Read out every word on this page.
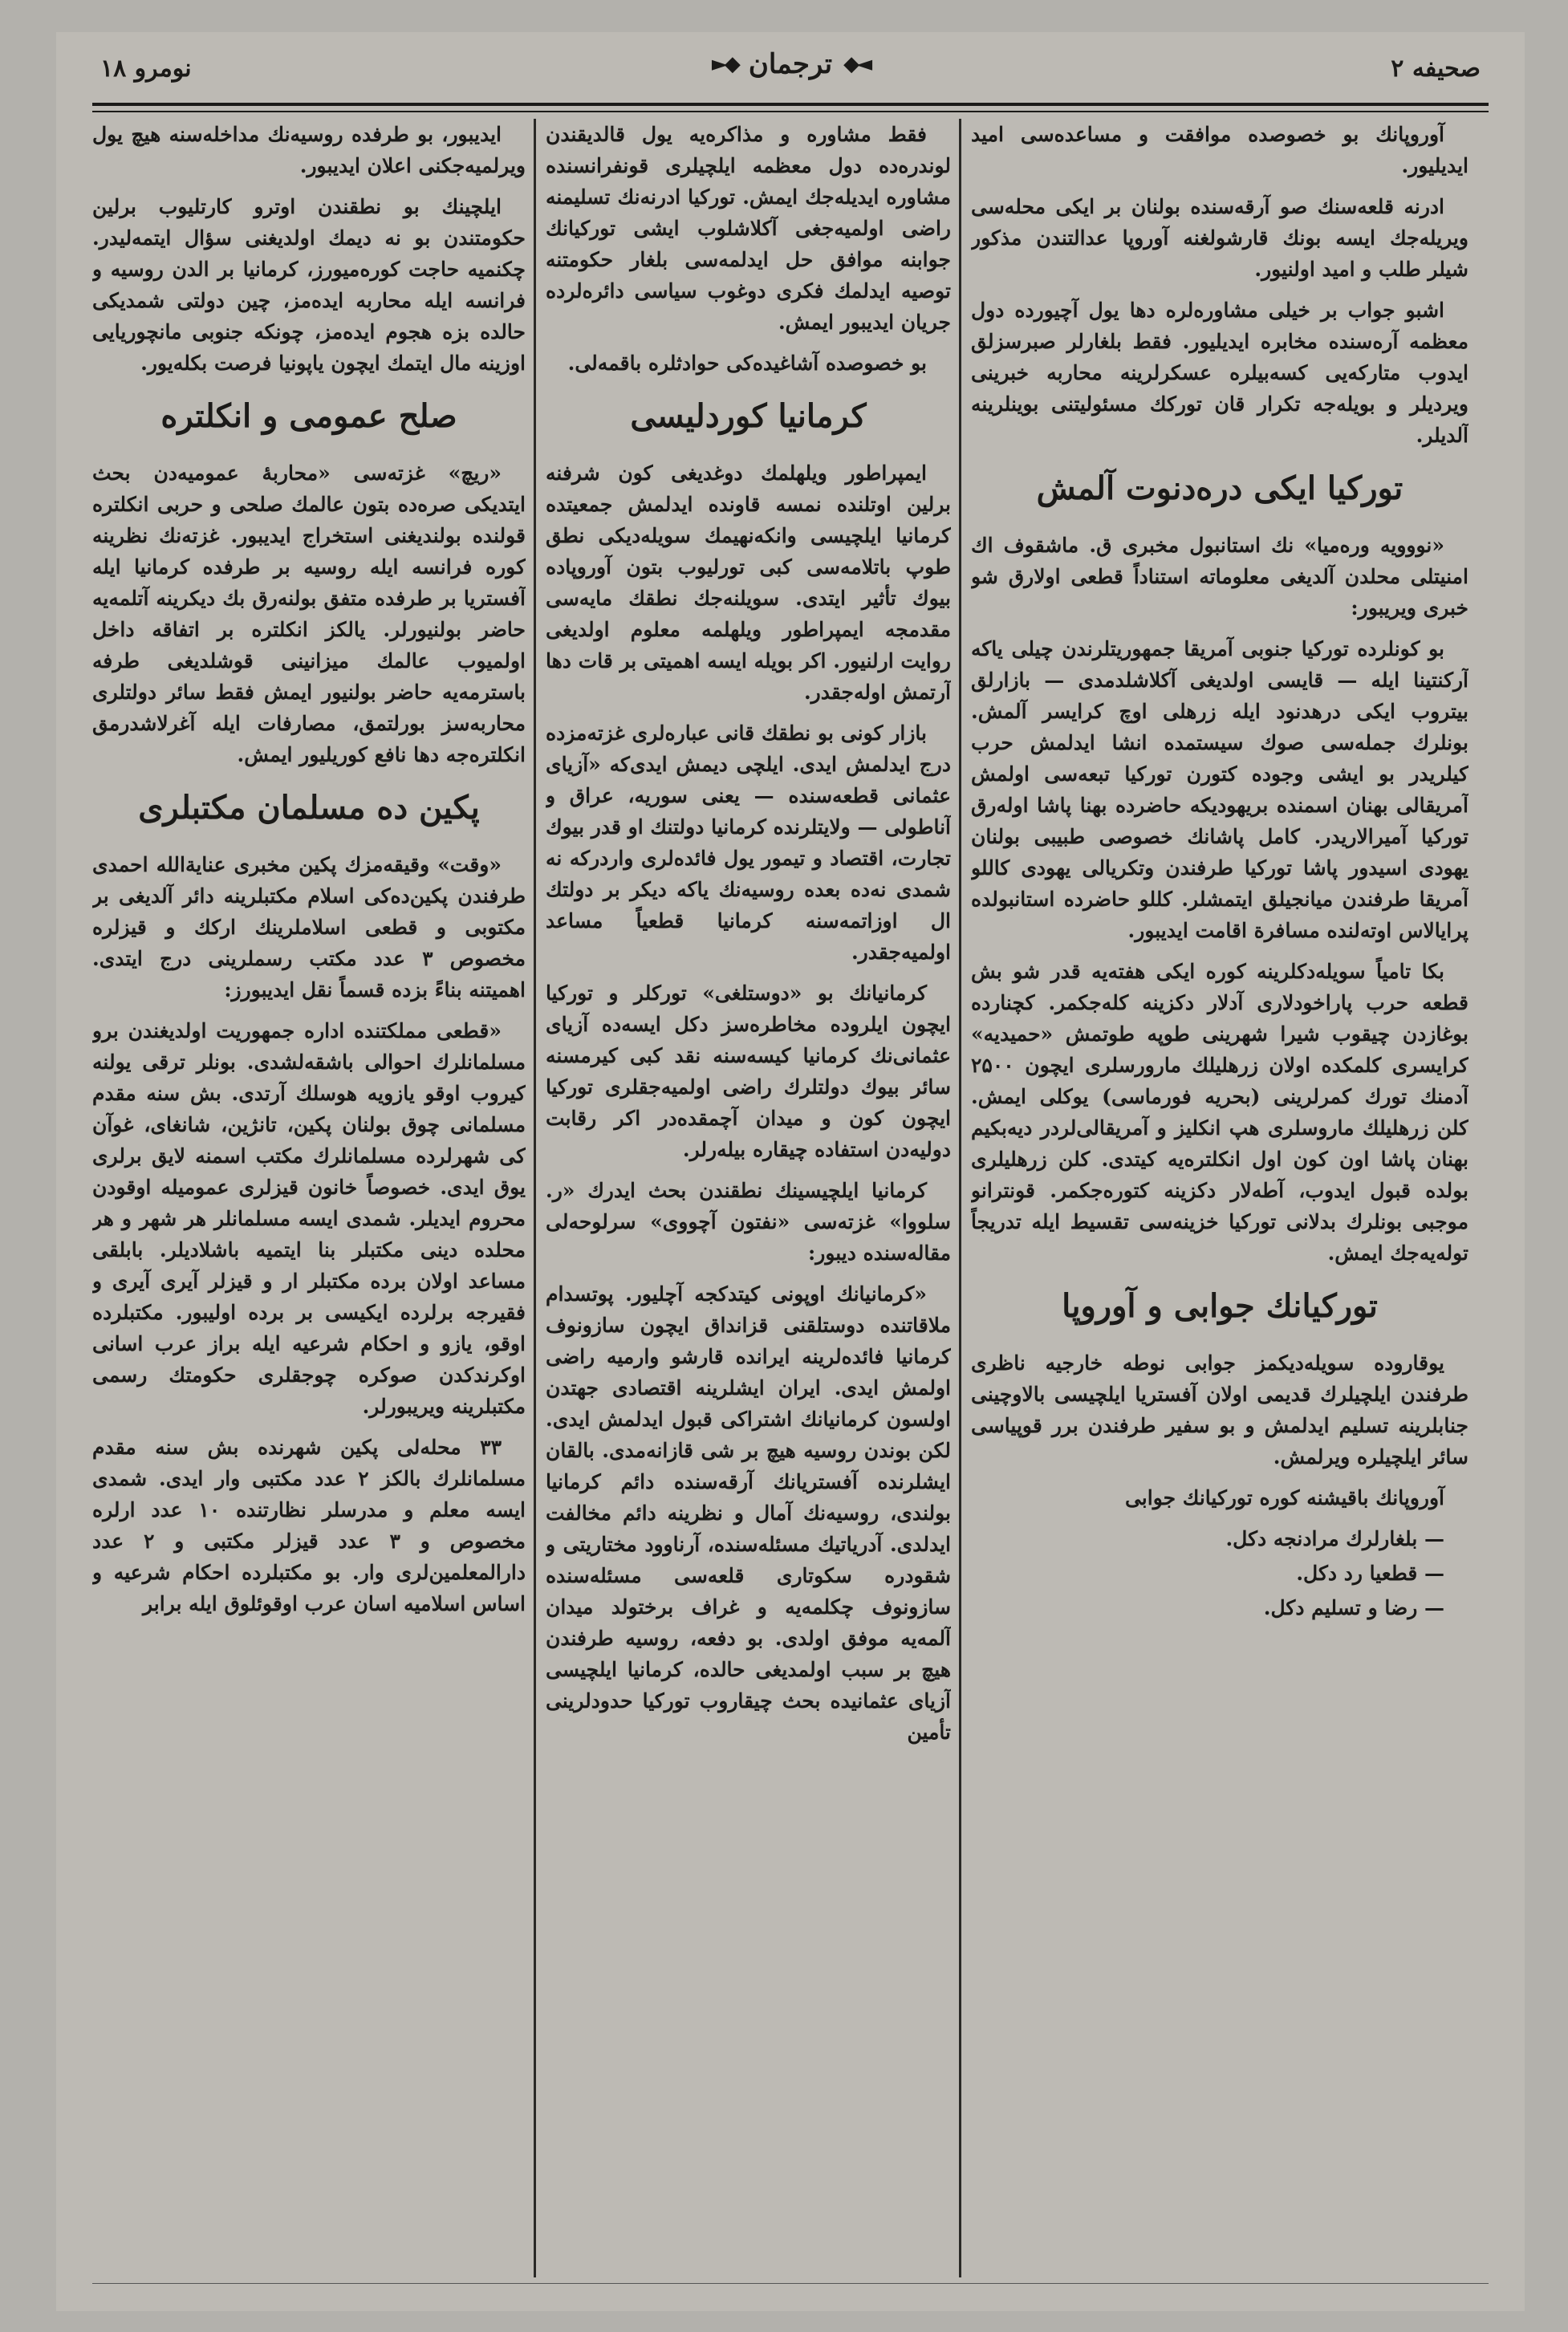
صحیفه ۲
◄◆
ترجمان
◆►
نومرو ۱۸

آوروپانك بو خصوصده موافقت و مساعده‌سی امید ایدیلیور.

ادرنه قلعه‌سنك صو آرقه‌سنده بولنان بر ایکی محله‌سی ویریله‌جك ایسه بونك قارشولغنه آوروپا عدالتندن مذکور شیلر طلب و امید اولنیور.

اشبو جواب بر خیلی مشاوره‌لره دها یول آچیورده دول معظمه آره‌سنده مخابره ایدیلیور. فقط بلغارلر صبرسزلق ایدوب متارکه‌یی کسه‌بیلره عسکرلرینه محاربه خبرینی ویردیلر و بویله‌جه تکرار قان تورکك مسئولیتنی بوینلرینه آلدیلر.

تورکیا ایکی دره‌دنوت آلمش

«نووویه وره‌میا» نك استانبول مخبری ق. ماشقوف اك امنیتلی محلدن آلدیغی معلوماته استناداً قطعی اولارق شو خبری ویریبور:

بو کونلرده تورکیا جنوبی آمریقا جمهوریتلرندن چیلی یاکه آرکنتینا ایله — قایسی اولدیغی آکلاشلدمدی — بازارلق بیتروب ایکی درهدنود ایله زرهلی اوچ کرایسر آلمش. بونلرك جمله‌سی صوك سیستمده انشا ایدلمش حرب کیلریدر بو ایشی وجوده کتورن تورکیا تبعه‌سی اولمش آمریقالی بهنان اسمنده بریهودیکه حاضرده بهنا پاشا اولەرق تورکیا آمیرالاریدر. کامل پاشانك خصوصی طبیبی بولنان یهودی اسیدور پاشا تورکیا طرفندن وتکریالی یهودی کاللو آمریقا طرفندن میانجیلق ایتمشلر. کللو حاضرده استانبولده پرایالاس اوتەلنده مسافرة اقامت ایدیبور.

بکا تامیاً سویله‌دکلرینه کوره ایکی هفته‌یه قدر شو بش قطعه حرب پاراخودلاری آدلار دکزینه کله‌جکمر. کچنارده بوغازدن چیقوب شیرا شهرینی طوپه طوتمش «حمیدیه» کرایسری کلمکده اولان زرهلیلك مارورسلری ایچون ۲۵۰۰ آدمنك تورك کمرلرینی (بحریه فورماسی) یوکلی ایمش. کلن زرهلیلك ماروسلری هپ انکلیز و آمریقالی‌لردر دیه‌بکیم بهنان پاشا اون کون اول انکلتره‌یه کیتدی. کلن زرهلیلری بولده قبول ایدوب، آطه‌لار دکزینه کتوره‌جکمر. قونترانو موجبی بونلرك بدلانی تورکیا خزینه‌سی تقسیط ایله تدریجاً تولەیه‌جك ایمش.

تورکیانك جوابی و آوروپا

یوقاروده سویله‌دیکمز جوابی نوطه خارجیه ناظری طرفندن ایلچیلرك قدیمی اولان آفستریا ایلچیسی بالاوچینی جنابلرینه تسلیم ایدلمش و بو سفیر طرفندن برر قوپیاسی سائر ایلچیلره ویرلمش.

آوروپانك باقیشنه کوره تورکیانك جوابی

— بلغارلرك مرادنجه دکل.
— قطعیا رد دکل.
— رضا و تسلیم دکل.

فقط مشاوره و مذاکره‌یه یول قالدیقندن لوندرەده دول معظمه ایلچیلری قونفرانسنده مشاوره ایدیله‌جك ایمش. تورکیا ادرنه‌نك تسلیمنه راضی اولمیه‌جغی آکلاشلوب ایشی تورکیانك جوابنه موافق حل ایدلمه‌سی بلغار حکومتنه توصیه ایدلمك فکری دوغوب سیاسی دائره‌لرده جریان ایدیبور ایمش.

بو خصوصده آشاغیده‌کی حوادثلره باقمه‌لی.

کرمانیا کوردلیسی

ایمپراطور ویلهلمك دوغدیغی کون شرفنه برلین اوتلنده نمسه قاونده ایدلمش جمعیتده کرمانیا ایلچیسی وانکه‌نهیمك سویله‌دیکی نطق طوپ باتلامه‌سی کبی تورلیوب بتون آوروپاده بیوك تأثیر ایتدی. سویلنه‌جك نطقك مایه‌سی مقدمجه ایمپراطور ویلهلمه معلوم اولدیغی روایت ارلنیور. اکر بویله ایسه اهمیتی بر قات دها آرتمش اوله‌جقدر.

بازار کونی بو نطقك قانی عبارەلری غزته‌مزده درج ایدلمش ایدی. ایلچی دیمش ایدی‌که «آزیای عثمانی قطعه‌سنده — یعنی سوریه، عراق و آناطولی — ولایتلرنده کرمانیا دولتنك او قدر بیوك تجارت، اقتصاد و تیمور یول فائده‌لری واردرکه نه شمدی نه‌ده بعده روسیه‌نك یاکه دیکر بر دولتك ال اوزاتمه‌سنه کرمانیا قطعیاً مساعد اولمیه‌جقدر.

کرمانیانك بو «دوستلغی» تورکلر و تورکیا ایچون ایلروده مخاطره‌سز دکل ایسه‌ده آزیای عثمانی‌نك کرمانیا کیسه‌سنه نقد کبی کیرمسنه سائر بیوك دولتلرك راضی اولمیه‌جقلری تورکیا ایچون کون و میدان آچمقده‌در اکر رقابت دولیه‌دن استفاده چیقاره بیلەرلر.

کرمانیا ایلچیسینك نطقندن بحث ایدرك «ر. سلووا» غزته‌سی «نفتون آچووی» سرلوحه‌لی مقاله‌سنده دیبور:

«کرمانیانك اوپونی کیتدکجه آچلیور. پوتسدام ملاقاتنده دوستلقنی قزانداق ایچون سازونوف کرمانیا فائده‌لرینه ایرانده قارشو وارمیه راضی اولمش ایدی. ایران ایشلرینه اقتصادی جهتدن اولسون کرمانیانك اشتراکی قبول ایدلمش ایدی. لکن بوندن روسیه هیچ بر شی قازانه‌مدی. بالقان ایشلرنده آفستریانك آرقه‌سنده دائم کرمانیا بولندی، روسیه‌نك آمال و نظرینه دائم مخالفت ایدلدی. آدریاتیك مسئله‌سنده، آرناوود مختاریتی و شقودره سکوتاری قلعه‌سی مسئله‌سنده سازونوف چکلمه‌یه و غراف برختولد میدان آلمه‌یه موفق اولدی. بو دفعه، روسیه طرفندن هیچ بر سبب اولمدیغی حالده، کرمانیا ایلچیسی آزیای عثمانیده بحث چیقاروب تورکیا حدودلرینی تأمین

ایدیبور، بو طرفده روسیه‌نك مداخله‌سنه هیچ یول ویرلمیه‌جکنی اعلان ایدیبور.

ایلچینك بو نطقندن اوترو کارتلیوب برلین حکومتندن بو نه دیمك اولدیغنی سؤال ایتمەلیدر. چکنمیه حاجت کوره‌میورز، کرمانیا بر الدن روسیه و فرانسه ایله محاربه ایده‌مز، چین دولتی شمدیکی حالده بزه هجوم ایده‌مز، چونکه جنوبی مانچوریایی اوزینه مال ایتمك ایچون یاپونیا فرصت بکله‌یور.

صلح عمومی و انکلتره

«ریچ» غزته‌سی «محاربهٔ عمومیه‌دن بحث ایتدیکی صره‌ده بتون عالمك صلحی و حربی انکلتره قولنده بولندیغنی استخراج ایدیبور. غزته‌نك نظرینه کوره فرانسه ایله روسیه بر طرفده کرمانیا ایله آفستریا بر طرفده متفق بولنه‌رق بك دیکرینه آتلمه‌یه حاضر بولنیورلر. یالکز انکلتره بر اتفاقه داخل اولمیوب عالمك میزانینی قوشلدیغی طرفه باسترمه‌یه حاضر بولنیور ایمش فقط سائر دولتلری محاربه‌سز بورلتمق، مصارفات ایله آغرلاشدرمق انکلتره‌جه دها نافع کوریلیور ایمش.

پکین ده مسلمان مکتبلری

«وقت» وقیقه‌مزك پکین مخبری عنایةالله احمدی طرفندن پکین‌ده‌کی اسلام مکتبلرینه دائر آلدیغی بر مکتوبی و قطعی اسلاملرینك ارکك و قیزلره مخصوص ۳ عدد مکتب رسملرینی درج ایتدی. اهمیتنه بناءً بزده قسماً نقل ایدیبورز:

«قطعی مملکتنده اداره جمهوریت اولدیغندن برو مسلمانلرك احوالی باشقه‌لشدی. بونلر ترقی یولنه کیروب اوقو یازویه هوسلك آرتدی. بش سنه مقدم مسلمانی چوق بولنان پکین، تانژین، شانغای، غوآن کی شهرلرده مسلمانلرك مکتب اسمنه لایق برلری یوق ایدی. خصوصاً خانون قیزلری عمومیله اوقودن محروم ایدیلر. شمدی ایسه مسلمانلر هر شهر و هر محلده دینی مکتبلر بنا ایتمیه باشلادیلر. بابلقی مساعد اولان برده مکتبلر ار و قیزلر آیری آیری و فقیرجه برلرده ایکیسی بر برده اولیبور. مکتبلرده اوقو، یازو و احکام شرعیه ایله براز عرب اسانی اوکرندکدن صوکره چوجقلری حکومتك رسمی مکتبلرینه ویریبورلر.

۳۳ محله‌لی پکین شهرنده بش سنه مقدم مسلمانلرك بالکز ۲ عدد مکتبی وار ایدی. شمدی ایسه معلم و مدرسلر نظارتنده ۱۰ عدد ارلره مخصوص و ۳ عدد قیزلر مکتبی و ۲ عدد دارالمعلمین‌لری وار. بو مکتبلرده احکام شرعیه و اساس اسلامیه اسان عرب اوقوئلوق ایله برابر
